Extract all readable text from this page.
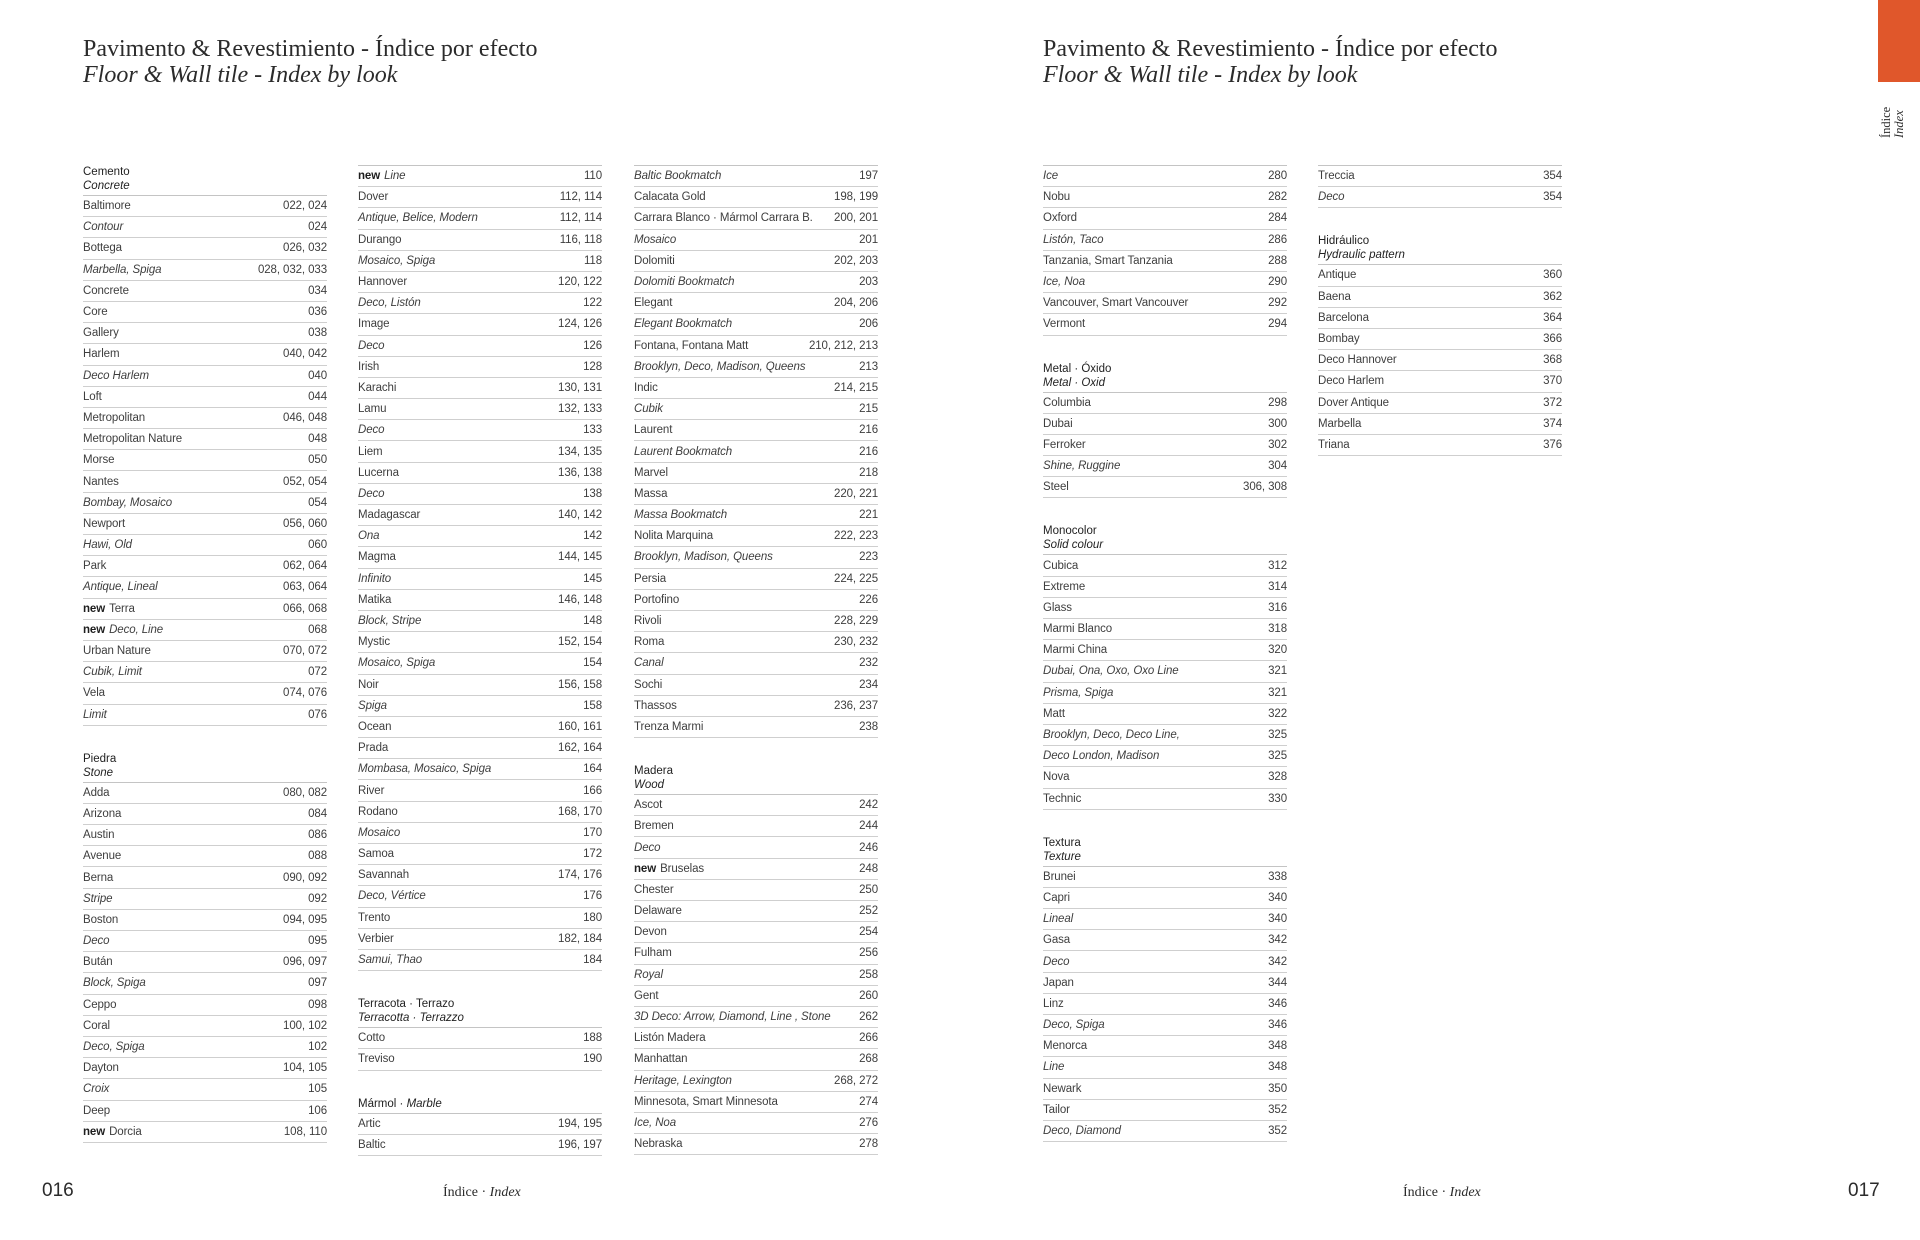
Pavimento & Revestimiento - Índice por efecto
Floor & Wall tile - Index by look
Pavimento & Revestimiento - Índice por efecto
Floor & Wall tile - Index by look
Cemento
Concrete
Baltimore	022, 024
Contour	024
Bottega	026, 032
Marbella, Spiga	028, 032, 033
Concrete	034
Core	036
Gallery	038
Harlem	040, 042
Deco Harlem	040
Loft	044
Metropolitan	046, 048
Metropolitan Nature	048
Morse	050
Nantes	052, 054
Bombay, Mosaico	054
Newport	056, 060
Hawi, Old	060
Park	062, 064
Antique, Lineal	063, 064
new Terra	066, 068
new Deco, Line	068
Urban Nature	070, 072
Cubik, Limit	072
Vela	074, 076
Limit	076
Piedra
Stone
Adda	080, 082
Arizona	084
Austin	086
Avenue	088
Berna	090, 092
Stripe	092
Boston	094, 095
Deco	095
Bután	096, 097
Block, Spiga	097
Ceppo	098
Coral	100, 102
Deco, Spiga	102
Dayton	104, 105
Croix	105
Deep	106
new Dorcia	108, 110
new Line	110
Dover	112, 114
Antique, Belice, Modern	112, 114
Durango	116, 118
Mosaico, Spiga	118
Hannover	120, 122
Deco, Listón	122
Image	124, 126
Deco	126
Irish	128
Karachi	130, 131
Lamu	132, 133
Deco	133
Liem	134, 135
Lucerna	136, 138
Deco	138
Madagascar	140, 142
Ona	142
Magma	144, 145
Infinito	145
Matika	146, 148
Block, Stripe	148
Mystic	152, 154
Mosaico, Spiga	154
Noir	156, 158
Spiga	158
Ocean	160, 161
Prada	162, 164
Mombasa, Mosaico, Spiga	164
River	166
Rodano	168, 170
Mosaico	170
Samoa	172
Savannah	174, 176
Deco, Vértice	176
Trento	180
Verbier	182, 184
Samui, Thao	184
Terracota · Terrazo
Terracotta · Terrazzo
Cotto	188
Treviso	190
Mármol · Marble
Artic	194, 195
Baltic	196, 197
Baltic Bookmatch	197
Calacata Gold	198, 199
Carrara Blanco · Mármol Carrara B. 200, 201
Mosaico	201
Dolomiti	202, 203
Dolomiti Bookmatch	203
Elegant	204, 206
Elegant Bookmatch	206
Fontana, Fontana Matt	210, 212, 213
Brooklyn, Deco, Madison, Queens	213
Indic	214, 215
Cubik	215
Laurent	216
Laurent Bookmatch	216
Marvel	218
Massa	220, 221
Massa Bookmatch	221
Nolita Marquina	222, 223
Brooklyn, Madison, Queens	223
Persia	224, 225
Portofino	226
Rivoli	228, 229
Roma	230, 232
Canal	232
Sochi	234
Thassos	236, 237
Trenza Marmi	238
Madera
Wood
Ascot	242
Bremen	244
Deco	246
new Bruselas	248
Chester	250
Delaware	252
Devon	254
Fulham	256
Royal	258
Gent	260
3D Deco: Arrow, Diamond, Line , Stone 262
Listón Madera	266
Manhattan	268
Heritage, Lexington	268, 272
Minnesota, Smart Minnesota	274
Ice, Noa	276
Nebraska	278
Ice	280
Nobu	282
Oxford	284
Listón, Taco	286
Tanzania, Smart Tanzania	288
Ice, Noa	290
Vancouver, Smart Vancouver	292
Vermont	294
Metal · Óxido
Metal · Oxid
Columbia	298
Dubai	300
Ferroker	302
Shine, Ruggine	304
Steel	306, 308
Monocolor
Solid colour
Cubica	312
Extreme	314
Glass	316
Marmi Blanco	318
Marmi China	320
Dubai, Ona, Oxo, Oxo Line	321
Prisma, Spiga	321
Matt	322
Brooklyn, Deco, Deco Line,	325
Deco London, Madison	325
Nova	328
Technic	330
Textura
Texture
Brunei	338
Capri	340
Lineal	340
Gasa	342
Deco	342
Japan	344
Linz	346
Deco, Spiga	346
Menorca	348
Line	348
Newark	350
Tailor	352
Deco, Diamond	352
Treccia	354
Deco	354
Hidráulico
Hydraulic pattern
Antique	360
Baena	362
Barcelona	364
Bombay	366
Deco Hannover	368
Deco Harlem	370
Dover Antique	372
Marbella	374
Triana	376
016	Índice · Index	Índice · Index	017
Índice
Index
